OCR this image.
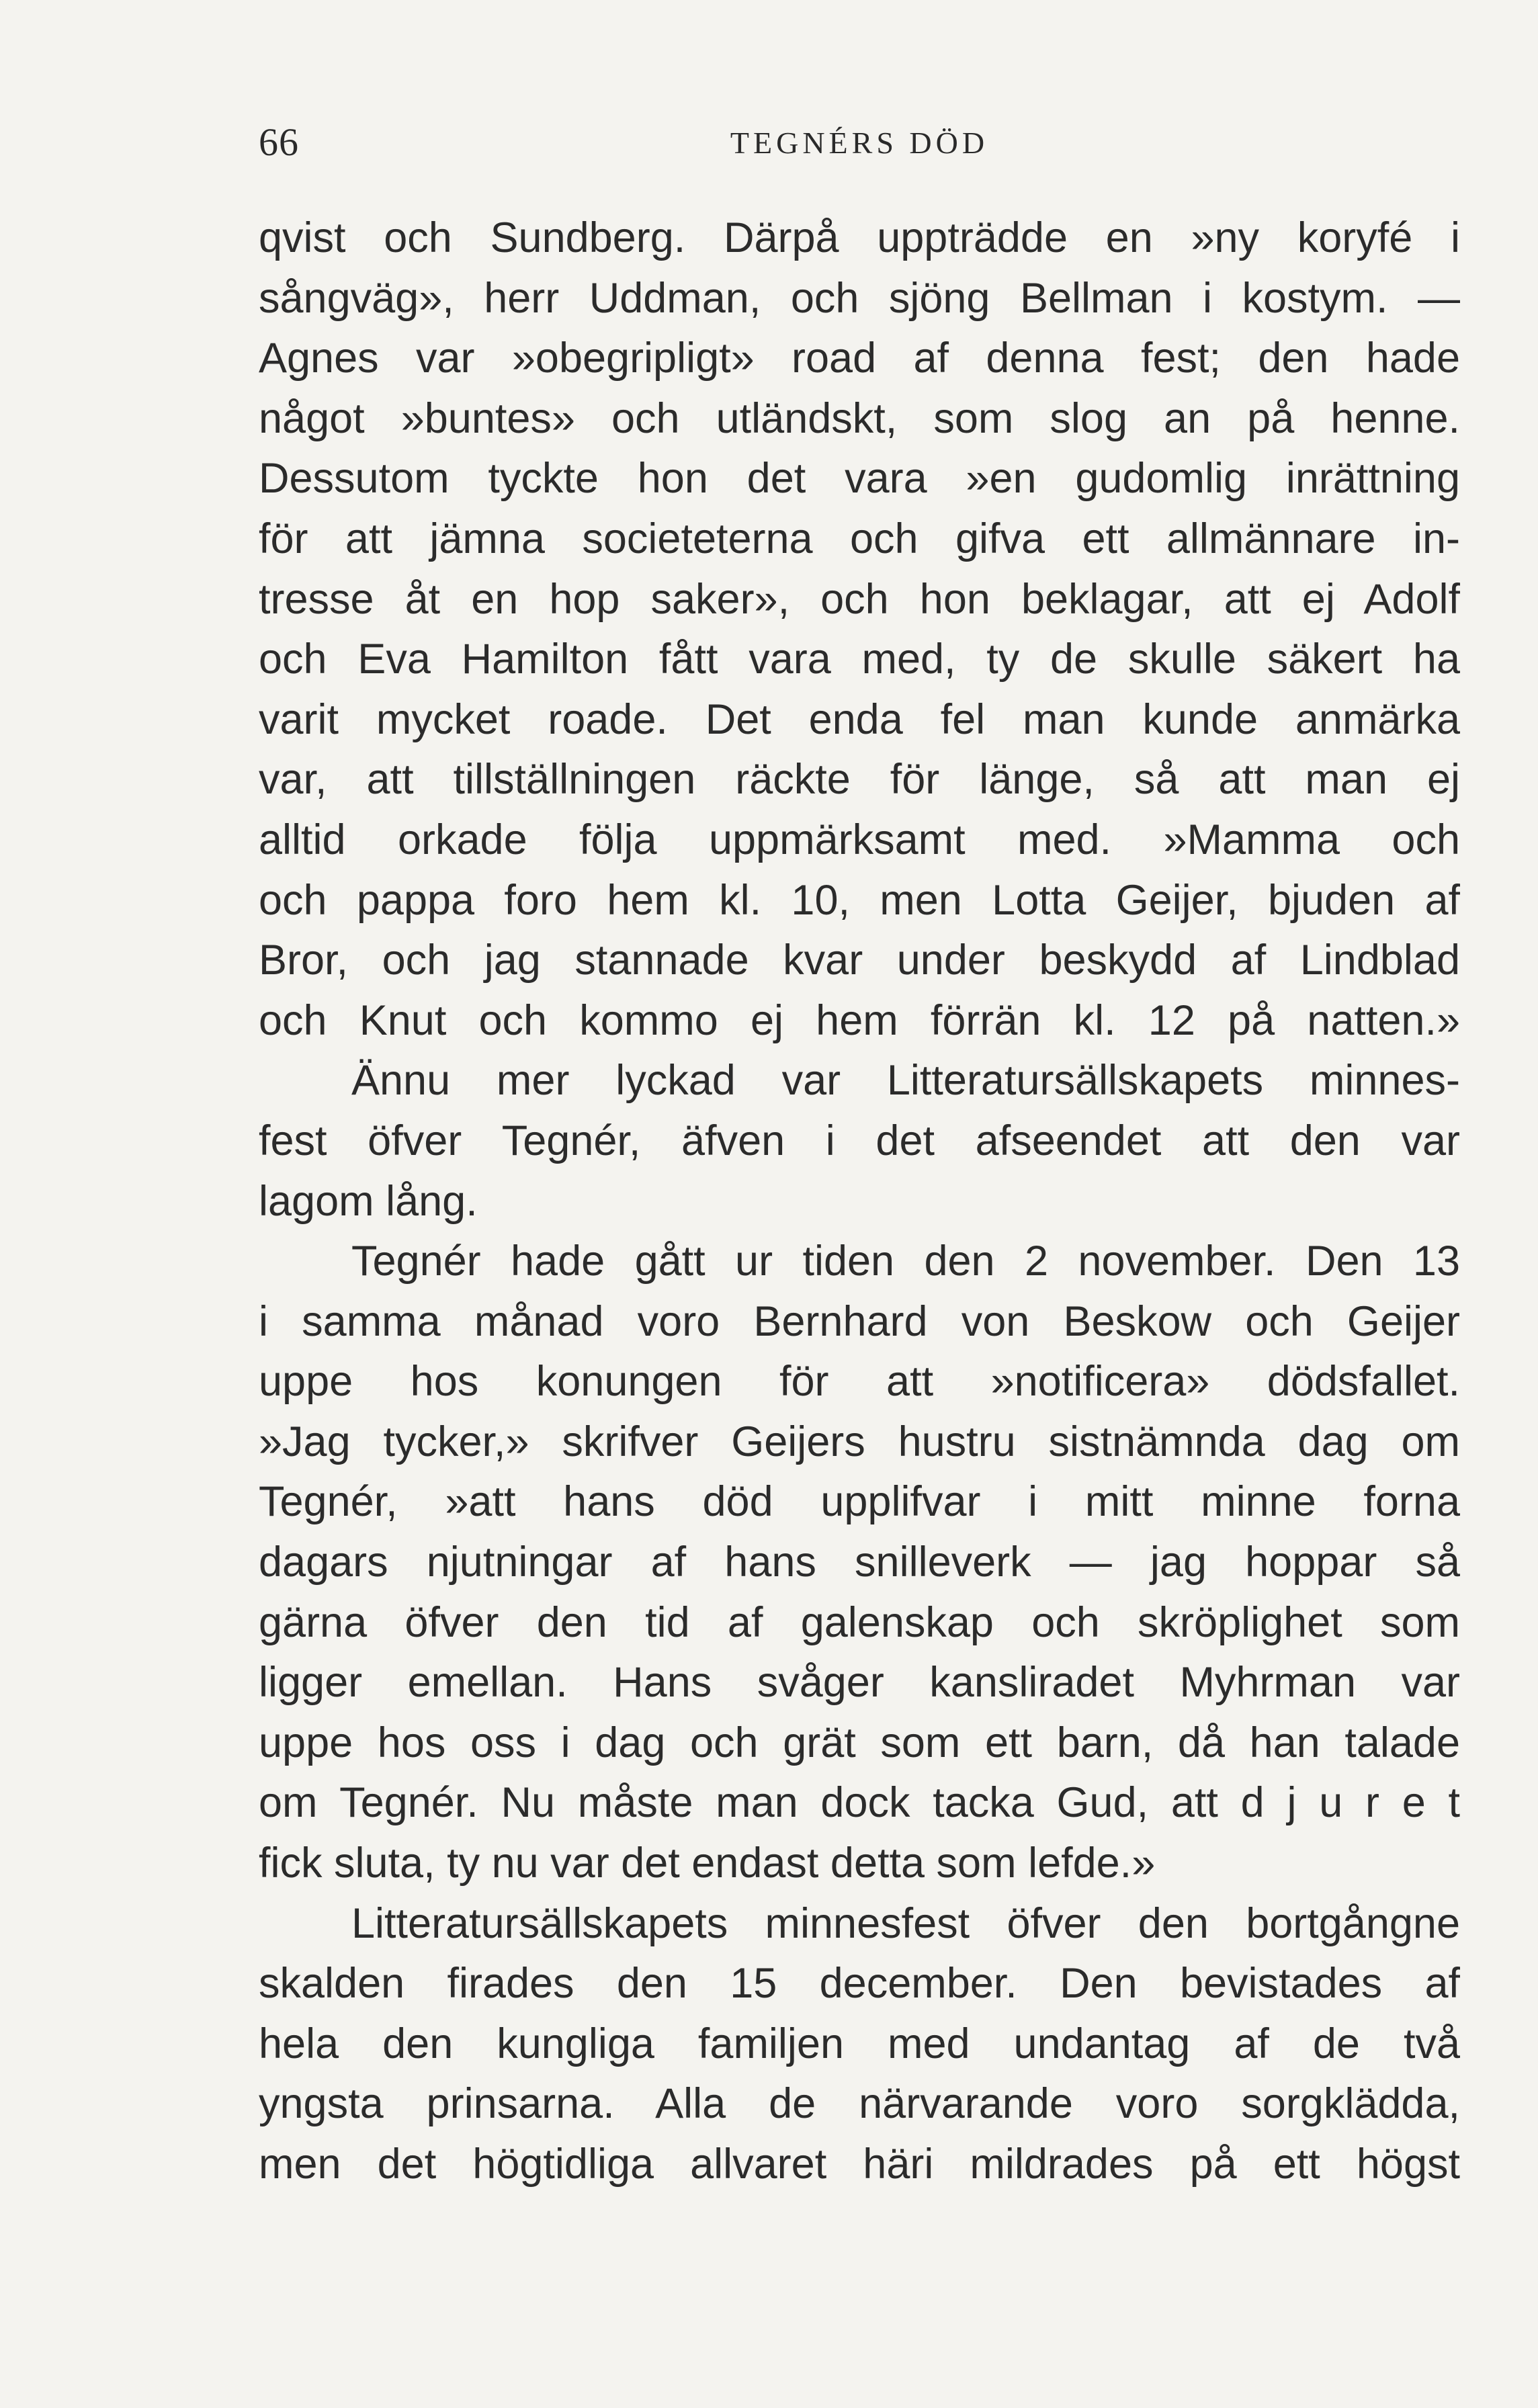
66	TEGNÉRS DÖD
qvist och Sundberg. Därpå uppträdde en »ny koryfé i
sångväg», herr Uddman, och sjöng Bellman i kostym. —
Agnes var »obegripligt» road af denna fest; den hade
något »buntes» och utländskt, som slog an på henne.
Dessutom tyckte hon det vara »en gudomlig inrättning
för att jämna societeterna och gifva ett allmännare in-
tresse åt en hop saker», och hon beklagar, att ej Adolf
och Eva Hamilton fått vara med, ty de skulle säkert ha
varit mycket roade. Det enda fel man kunde anmärka
var, att tillställningen räckte för länge, så att man ej
alltid orkade följa uppmärksamt med. »Mamma och
och pappa foro hem kl. 10, men Lotta Geijer, bjuden af
Bror, och jag stannade kvar under beskydd af Lindblad
och Knut och kommo ej hem förrän kl. 12 på natten.»
Ännu mer lyckad var Litteratursällskapets minnes-
fest öfver Tegnér, äfven i det afseendet att den var
lagom lång.
Tegnér hade gått ur tiden den 2 november. Den 13
i samma månad voro Bernhard von Beskow och Geijer
uppe hos konungen för att »notificera» dödsfallet.
»Jag tycker,» skrifver Geijers hustru sistnämnda dag om
Tegnér, »att hans död upplifvar i mitt minne forna
dagars njutningar af hans snilleverk — jag hoppar så
gärna öfver den tid af galenskap och skröplighet som
ligger emellan. Hans svåger kansliradet Myhrman var
uppe hos oss i dag och grät som ett barn, då han talade
om Tegnér. Nu måste man dock tacka Gud, att d j u r e t
fick sluta, ty nu var det endast detta som lefde.»
Litteratursällskapets minnesfest öfver den bortgångne
skalden firades den 15 december. Den bevistades af
hela den kungliga familjen med undantag af de två
yngsta prinsarna. Alla de närvarande voro sorgklädda,
men det högtidliga allvaret häri mildrades på ett högst
